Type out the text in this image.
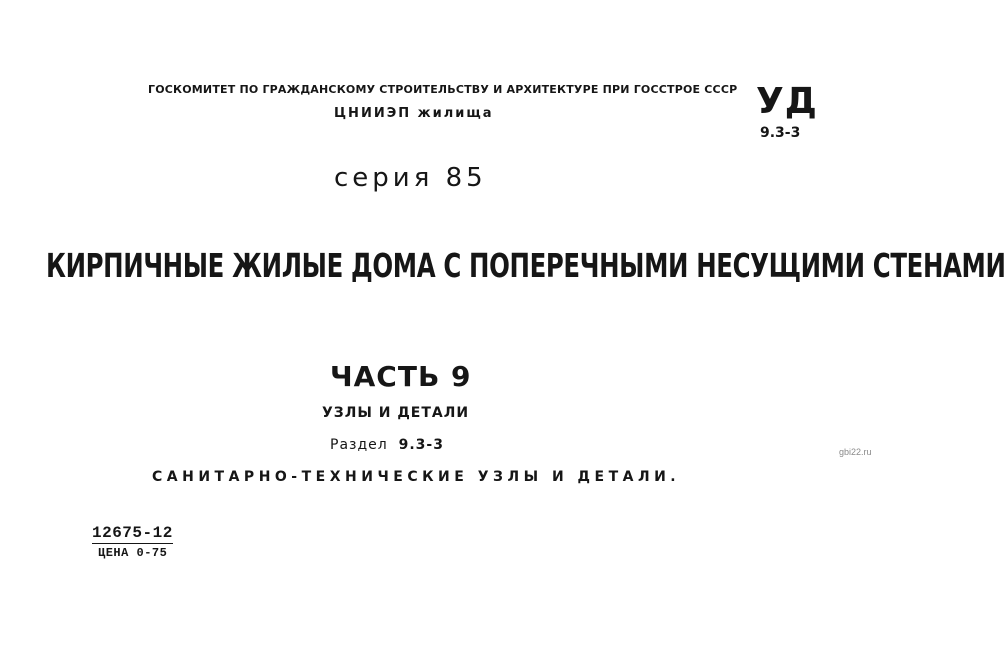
ГОСКОМИТЕТ ПО ГРАЖДАНСКОМУ СТРОИТЕЛЬСТВУ И АРХИТЕКТУРЕ ПРИ ГОССТРОЕ СССР
ЦНИИЭП жилища	УД
9.3-3
серия 85
КИРПИЧНЫЕ ЖИЛЫЕ ДОМА С ПОПЕРЕЧНЫМИ НЕСУЩИМИ СТЕНАМИ
ЧАСТЬ 9
УЗЛЫ И ДЕТАЛИ
Раздел 9.3-3
САНИТАРНО-ТЕХНИЧЕСКИЕ УЗЛЫ И ДЕТАЛИ.
gbi22.ru
12675-12
ЦЕНА 0-75
